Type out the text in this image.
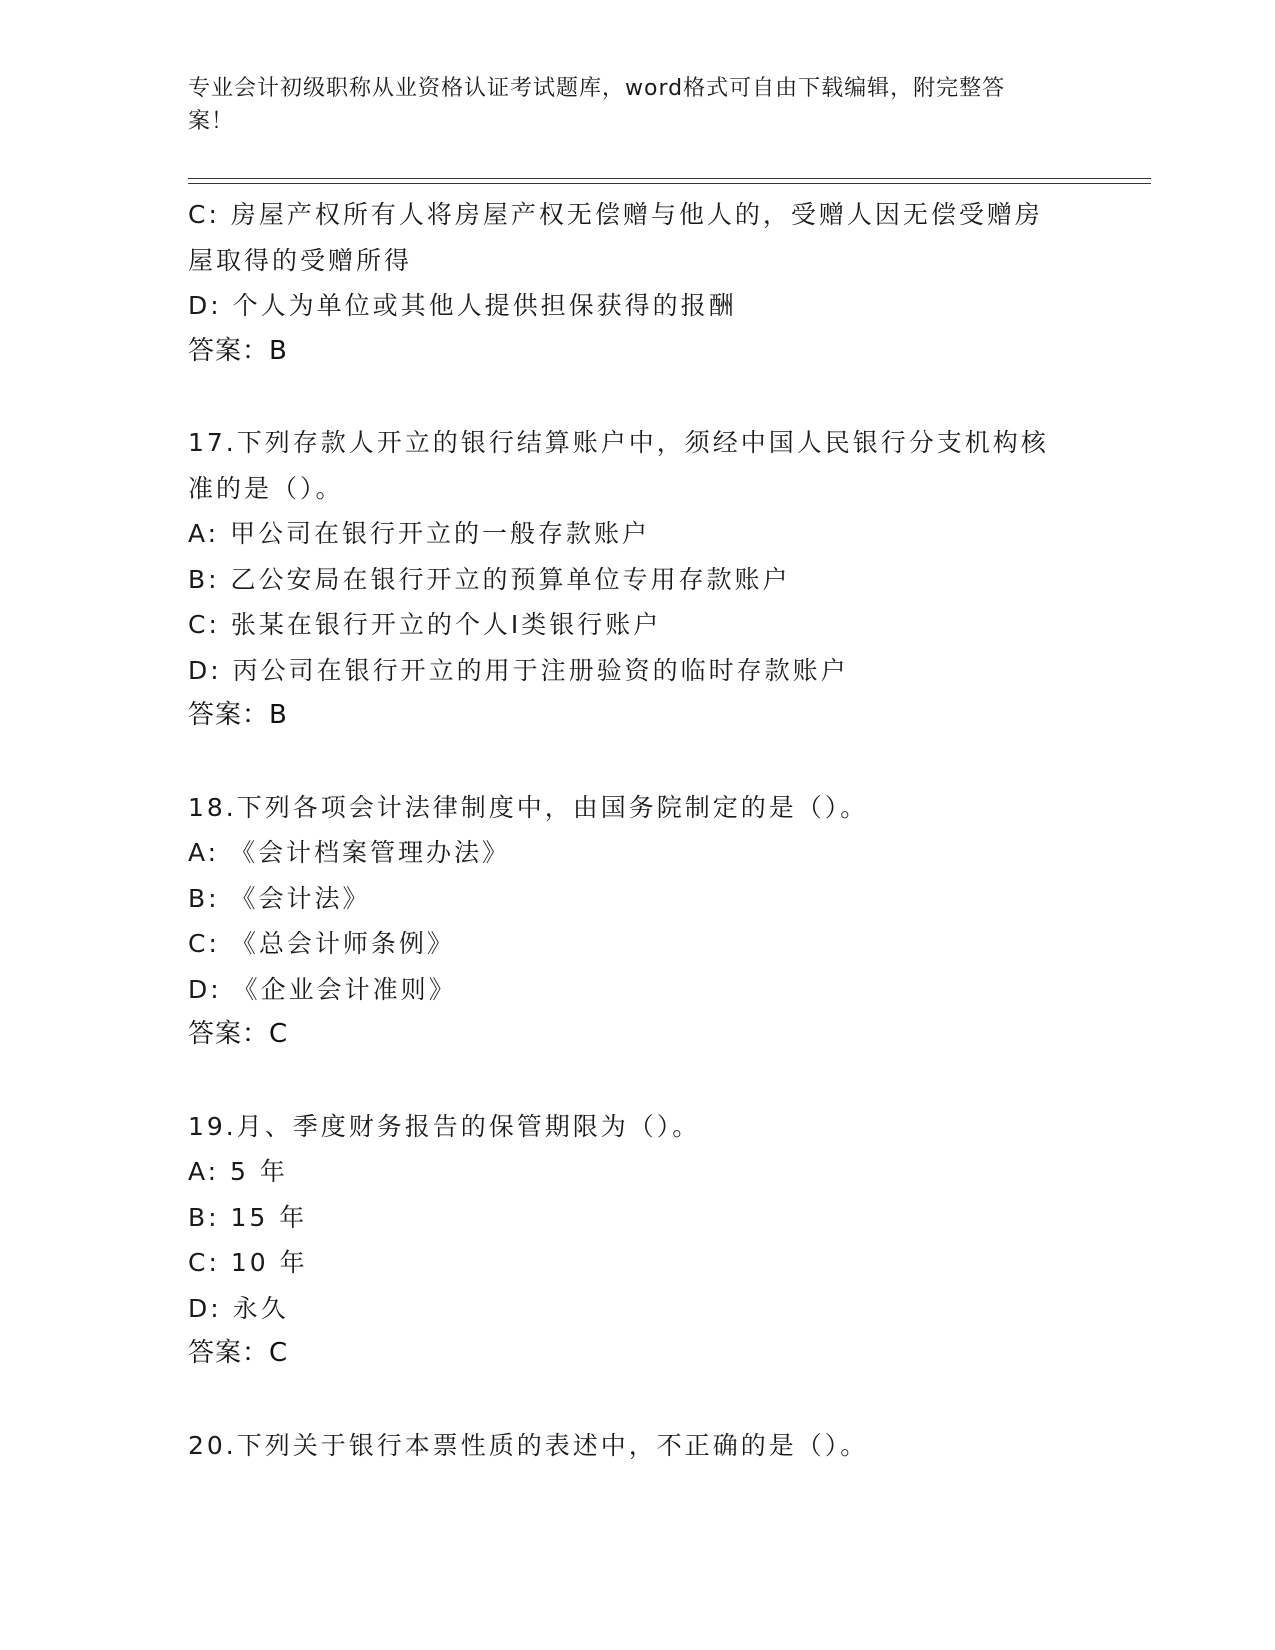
专业会计初级职称从业资格认证考试题库，word格式可自由下载编辑，附完整答
案！
C: 房屋产权所有人将房屋产权无偿赠与他人的，受赠人因无偿受赠房
屋取得的受赠所得
D: 个人为单位或其他人提供担保获得的报酬
答案：B
17.下列存款人开立的银行结算账户中，须经中国人民银行分支机构核
准的是（）。
A: 甲公司在银行开立的一般存款账户
B: 乙公安局在银行开立的预算单位专用存款账户
C: 张某在银行开立的个人Ⅰ类银行账户
D: 丙公司在银行开立的用于注册验资的临时存款账户
答案：B
18.下列各项会计法律制度中，由国务院制定的是（）。
A: 《会计档案管理办法》
B: 《会计法》
C: 《总会计师条例》
D: 《企业会计准则》
答案：C
19.月、季度财务报告的保管期限为（）。
A: 5 年
B: 15 年
C: 10 年
D: 永久
答案：C
20.下列关于银行本票性质的表述中，不正确的是（）。
